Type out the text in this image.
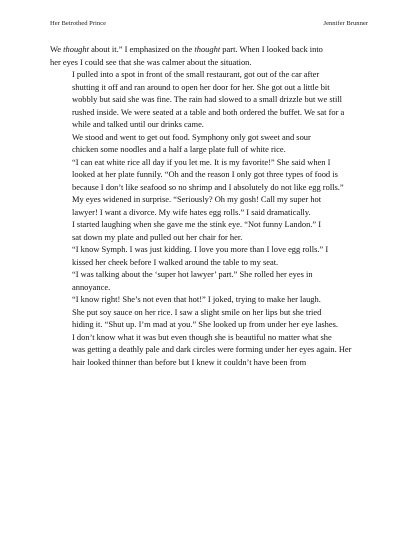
Her Betrothed Prince	Jennifer Brunner

We thought about it.” I emphasized on the thought part. When I looked back into
her eyes I could see that she was calmer about the situation.

I pulled into a spot in front of the small restaurant, got out of the car after
shutting it off and ran around to open her door for her. She got out a little bit
wobbly but said she was fine. The rain had slowed to a small drizzle but we still
rushed inside. We were seated at a table and both ordered the buffet. We sat for a
while and talked until our drinks came.

We stood and went to get out food. Symphony only got sweet and sour
chicken some noodles and a half a large plate full of white rice.

“I can eat white rice all day if you let me. It is my favorite!” She said when I
looked at her plate funnily. “Oh and the reason I only got three types of food is
because I don’t like seafood so no shrimp and I absolutely do not like egg rolls.”

My eyes widened in surprise. “Seriously? Oh my gosh! Call my super hot
lawyer! I want a divorce. My wife hates egg rolls.” I said dramatically.

I started laughing when she gave me the stink eye. “Not funny Landon.” I
sat down my plate and pulled out her chair for her.

“I know Symph. I was just kidding. I love you more than I love egg rolls.” I
kissed her cheek before I walked around the table to my seat.

“I was talking about the ‘super hot lawyer’ part.” She rolled her eyes in
annoyance.

“I know right! She’s not even that hot!” I joked, trying to make her laugh.

She put soy sauce on her rice. I saw a slight smile on her lips but she tried
hiding it. “Shut up. I’m mad at you.” She looked up from under her eye lashes.

I don’t know what it was but even though she is beautiful no matter what she
was getting a deathly pale and dark circles were forming under her eyes again. Her
hair looked thinner than before but I knew it couldn’t have been from
